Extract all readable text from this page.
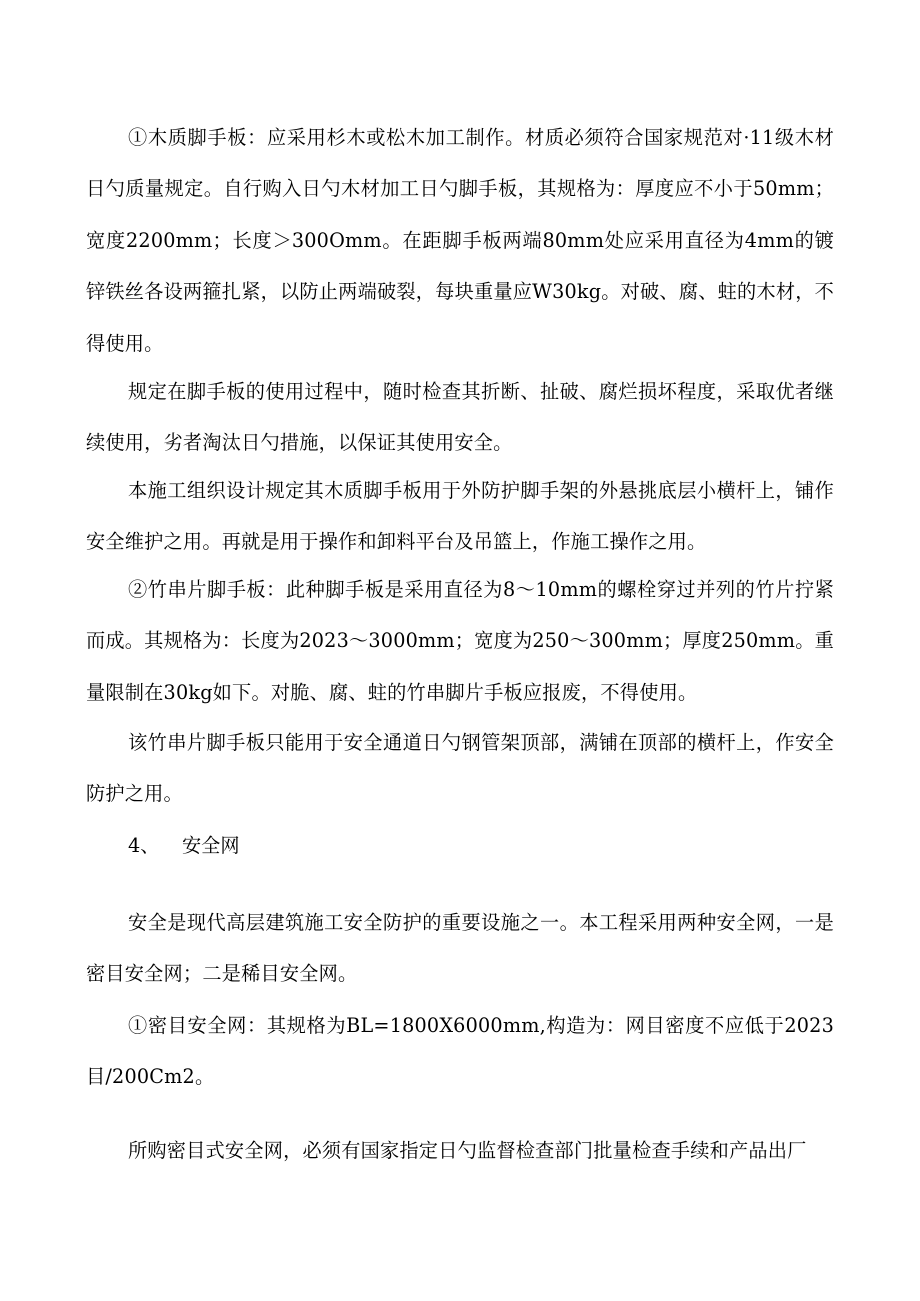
①木质脚手板：应采用杉木或松木加工制作。材质必须符合国家规范对·11级木材日勺质量规定。自行购入日勺木材加工日勺脚手板，其规格为：厚度应不小于50mm；宽度2200mm；长度＞300Omm。在距脚手板两端80mm处应采用直径为4mm的镀锌铁丝各设两箍扎紧，以防止两端破裂，每块重量应W30kg。对破、腐、蛀的木材，不得使用。

规定在脚手板的使用过程中，随时检查其折断、扯破、腐烂损坏程度，采取优者继续使用，劣者淘汰日勺措施，以保证其使用安全。

本施工组织设计规定其木质脚手板用于外防护脚手架的外悬挑底层小横杆上，铺作安全维护之用。再就是用于操作和卸料平台及吊篮上，作施工操作之用。

②竹串片脚手板：此种脚手板是采用直径为8～10mm的螺栓穿过并列的竹片拧紧而成。其规格为：长度为2023～3000mm；宽度为250～300mm；厚度250mm。重量限制在30kg如下。对脆、腐、蛀的竹串脚片手板应报废，不得使用。

该竹串片脚手板只能用于安全通道日勺钢管架顶部，满铺在顶部的横杆上，作安全防护之用。

4、 安全网

安全是现代高层建筑施工安全防护的重要设施之一。本工程采用两种安全网，一是密目安全网；二是稀目安全网。

①密目安全网：其规格为BL=1800X6000mm,构造为：网目密度不应低于2023目/200Cm2。

所购密目式安全网，必须有国家指定日勺监督检查部门批量检查手续和产品出厂
